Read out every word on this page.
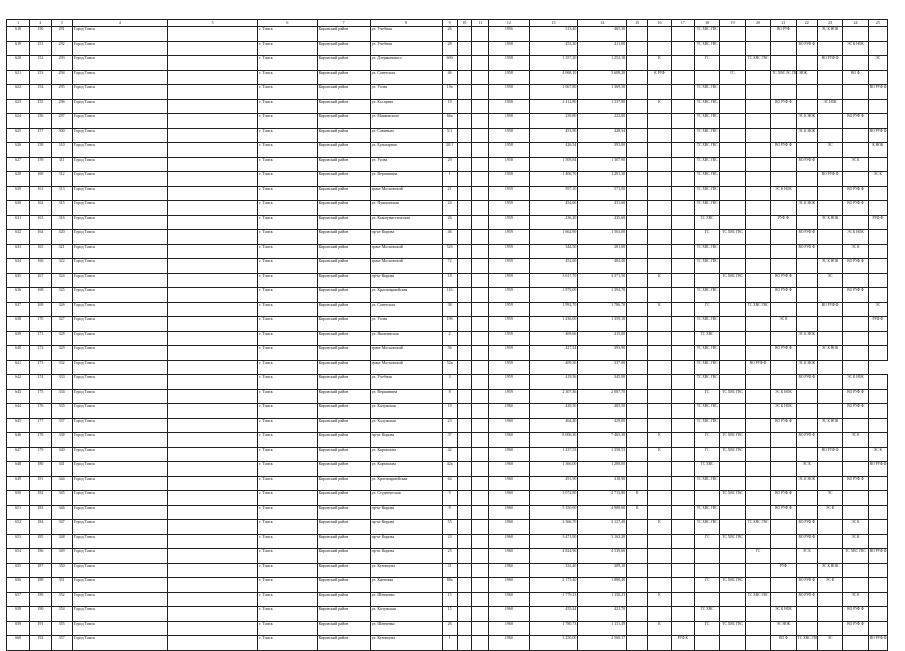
1	2	3	4	5	6	7	8	9	10	11	12	13	14	15	16	17	18	19	20	21	22	23	24	25
618	150	291	Город Томск		г. Томск	Кировский район	ул. Учебная	26			1956	513,40	465,30				ТС ХВС ГВС			ВО РУФ		ЭС К НОК		
619	151	292	Город Томск		г. Томск	Кировский район	ул. Учебная	28			1958	453,30	411,00				ТС ХВС ГВС				ВО РУФ Ф		ЭС К НОК	
620	152	293	Город Томск		г. Томск	Кировский район	ул. Дзержинского	60б			1958	1 357,20	1 252,10		К		ГС		ТС ХВС ГВС			ВО РУФ Ф		ЭС
621	153	294	Город Томск		г. Томск	Кировский район	ул. Советская	46			1958	4 068,10	3 608,20		К РУФ			ГС		ТС ХВС ЭС ГВС НОК			ВО Ф	
622	154	295	Город Томск		г. Томск	Кировский район	ул. Усова	19а			1958	1 067,80	1 369,50				ТС ХВС ГВС							ВО РУФ Ф
623	155	296	Город Томск		г. Томск	Кировский район	ул. Косарева	19			1958	2 412,80	1 337,80		К		ТС ХВС ГВС			ВО РУФ Ф		ЭС НОК		
624	156	297	Город Томск		г. Томск	Кировский район	ул. Маяковского	66а			1958	239,80	222,00				ТС ХВС ГВС				ЭС К НОК		ВО РУФ Ф	
625	157	300	Город Томск		г. Томск	Кировский район	ул. Савиньих	5/1			1958	453,90	428,34				ТС ХВС ГВС				ЭС К НОК			ВО РУФ Ф
626	158	310	Город Томск		г. Томск	Кировский район	ул. Бульварная	20/1			1958	426,54	393,00				ТС ХВС ГВС			ВО РУФ Ф		ЭС		К НОК
627	159	311	Город Томск		г. Томск	Кировский район	ул. Усова	29			1958	1 509,84	1 307,90				ТС ХВС ГВС				ВО РУФ Ф		ЭС К	
628	160	312	Город Томск		г. Томск	Кировский район	ул. Вершинина	1			1958	1 406,70	1 291,30				ТС ХВС ГВС					ВО РУФ Ф		ЭС К
629	161	313	Город Томск		г. Томск	Кировский район	тракт Московский	21			1959	597,10	571,00				ТС ХВС ГВС			ЭС К НОК			ВО РУФ Ф	
630	162	315	Город Томск		г. Томск	Кировский район	ул. Пушкинская	24			1959	454,60	431,60				ТС ХВС ГВС				ЭС К НОК		ВО РУФ Ф	
631	163	316	Город Томск		г. Томск	Кировский район	ул. Коммунистическая	26			1959	436,20	435,60				ТС ХВС			РУФ Ф		ЭС К НОК		РУФ Ф
632	164	320	Город Томск		г. Томск	Кировский район	пр-кт Кирова	46			1959	1 662,90	1 563,00				ГС	ТС ХВС ГВС			ВО РУФ Ф		ЭС К НОК	
633	165	321	Город Томск		г. Томск	Кировский район	тракт Московский	52б			1959	344,50	281,00				ТС ХВС ГВС				ВО РУФ Ф		ЭС К	
634	166	322	Город Томск		г. Томск	Кировский район	тракт Московский	72			1959	452,60	404,40				ТС ХВС ГВС					ЭС К НОК	ВО РУФ Ф	
635	167	324	Город Томск		г. Томск	Кировский район	пр-кт Кирова	18			1959	3 617,70	3 371,50		К			ТС ХВС ГВС		ВО РУФ Ф		ЭС		
636	168	325	Город Томск		г. Томск	Кировский район	ул. Красноармейская	116			1959	1 879,00	1 394,70				ТС ХВС ГВС			ВО РУФ Ф			ВО РУФ Ф	
637	169	326	Город Томск		г. Томск	Кировский район	ул. Советская	38			1959	1 992,70	1 786,70		К		ГС		ТС ХВС ГВС			ВО РУФ Ф		ЭС
638	170	327	Город Томск		г. Томск	Кировский район	ул. Усова	19б			1959	1 436,00	1 359,10				ТС ХВС ГВС			ЭС К				РУФ Ф
639	171	328	Город Томск		г. Томск	Кировский район	ул. Яковлевская	2			1959	469,66	415,00				ТС ХВС				ЭС К НОК			
640	172	329	Город Томск		г. Томск	Кировский район	тракт Московский	56			1959	427,54	393,90				ТС ХВС ГВС			ВО РУФ Ф		ЭС К НОК		
641	173	332	Город Томск		г. Томск	Кировский район	тракт Московский	52а			1959	409,30	337,00				ТС ХВС ГВС		ВО РУФ Ф		ЭС К НОК			
642	174	333	Город Томск		г. Томск	Кировский район	ул. Учебная	3			1959	419,56	345,00				ТС ХВС ГВС				ВО РУФ Ф		ЭС К НОК	
643	175	334	Город Томск		г. Томск	Кировский район	ул. Вершинина	8			1959	2 307,36	2 087,70				ГС	ТС ХВС ГВС		ЭС К НОК			ВО РУФ Ф	
644	176	335	Город Томск		г. Томск	Кировский район	ул. Калужская	19			1960	439,50	405,50				ТС ХВС ГВС			ЭС К НОК			ВО РУФ Ф	
645	177	337	Город Томск		г. Томск	Кировский район	ул. Калужская	23			1960	464,40	429,00				ТС ХВС ГВС			ВО РУФ Ф		ЭС К НОК		
646	178	338	Город Томск		г. Томск	Кировский район	пр-кт Кирова	37			1960	8 006,30	7 465,30		К		ГС	ТС ХВС ГВС			ВО РУФ Ф		ЭС К	
647	179	340	Город Томск		г. Томск	Кировский район	ул. Карташова	42			1960	1 437,53	1 358,53		К		ГС	ТС ХВС ГВС				ВО РУФ Ф		ЭС К
648	180	341	Город Томск		г. Томск	Кировский район	ул. Карташова	42а			1960	1 366,00	1 288,00				ТС ХВС				ЭС К			ВО РУФ Ф
649	181	344	Город Томск		г. Томск	Кировский район	ул. Красноармейская	64			1960	491,90	418,90				ТС ХВС ГВС				ЭС К НОК		ВО РУФ Ф	
650	182	345	Город Томск		г. Томск	Кировский район	ул. Студенческая	9			1960	3 072,80	2 713,80	К				ТС ХВС ГВС		ВО РУФ Ф		ЭС		
651	183	346	Город Томск		г. Томск	Кировский район	пр-кт Кирова	8			1960	5 350,60	4 908,60	К			ТС ХВС ГВС			ВО РУФ Ф		ЭС К		
652	184	347	Город Томск		г. Томск	Кировский район	пр-кт Кирова	55			1960	3 366,70	3 127,40		К		ТС ХВС ГВС		ТС ХВС ГВС		ВО РУФ Ф		ЭС К	
653	185	348	Город Томск		г. Томск	Кировский район	пр-кт Кирова	23			1960	3 471,00	3 162,20				ГС	ТС ХВС ГВС			ВО РУФ Ф		ЭС К	
654	186	349	Город Томск		г. Томск	Кировский район	пр-кт Кирова	25			1960	4 824,96	4 539,66						ГС		ЭС К		ТС ХВС ГВС	ВО РУФ Ф
655	187	350	Город Томск		г. Томск	Кировский район	ул. Кузнецова	31			1960	332,40	309,10							РУФ		ЭС К НОК		
656	188	351	Город Томск		г. Томск	Кировский район	ул. Киевская	88а			1960	2 175,40	1 880,40				ГС	ТС ХВС ГВС			ВО РУФ Ф	ЭС К		
657	189	352	Город Томск		г. Томск	Кировский район	ул. Шевченко	15			1960	1 779,23	1 150,23		К				ТС ХВС ГВС		ВО РУФ Ф		ЭС К	
658	190	354	Город Томск		г. Томск	Кировский район	ул. Калужская	15			1960	455,44	421,70				ТС ХВС			ЭС К НОК			ВО РУФ Ф	
659	191	355	Город Томск		г. Томск	Кировский район	ул. Шевченко	26			1960	1 780,73	1 131,49		К		ГС	ТС ХВС ГВС		ЭС НОК			ВО РУФ Ф	
660	192	357	Город Томск		г. Томск	Кировский район	ул. Кузнецова	1			1960	3 250,00	2 568,17			РУФ К				ВО Ф	ТС ХВС ГВС	ЭС		ВО РУФ Ф
